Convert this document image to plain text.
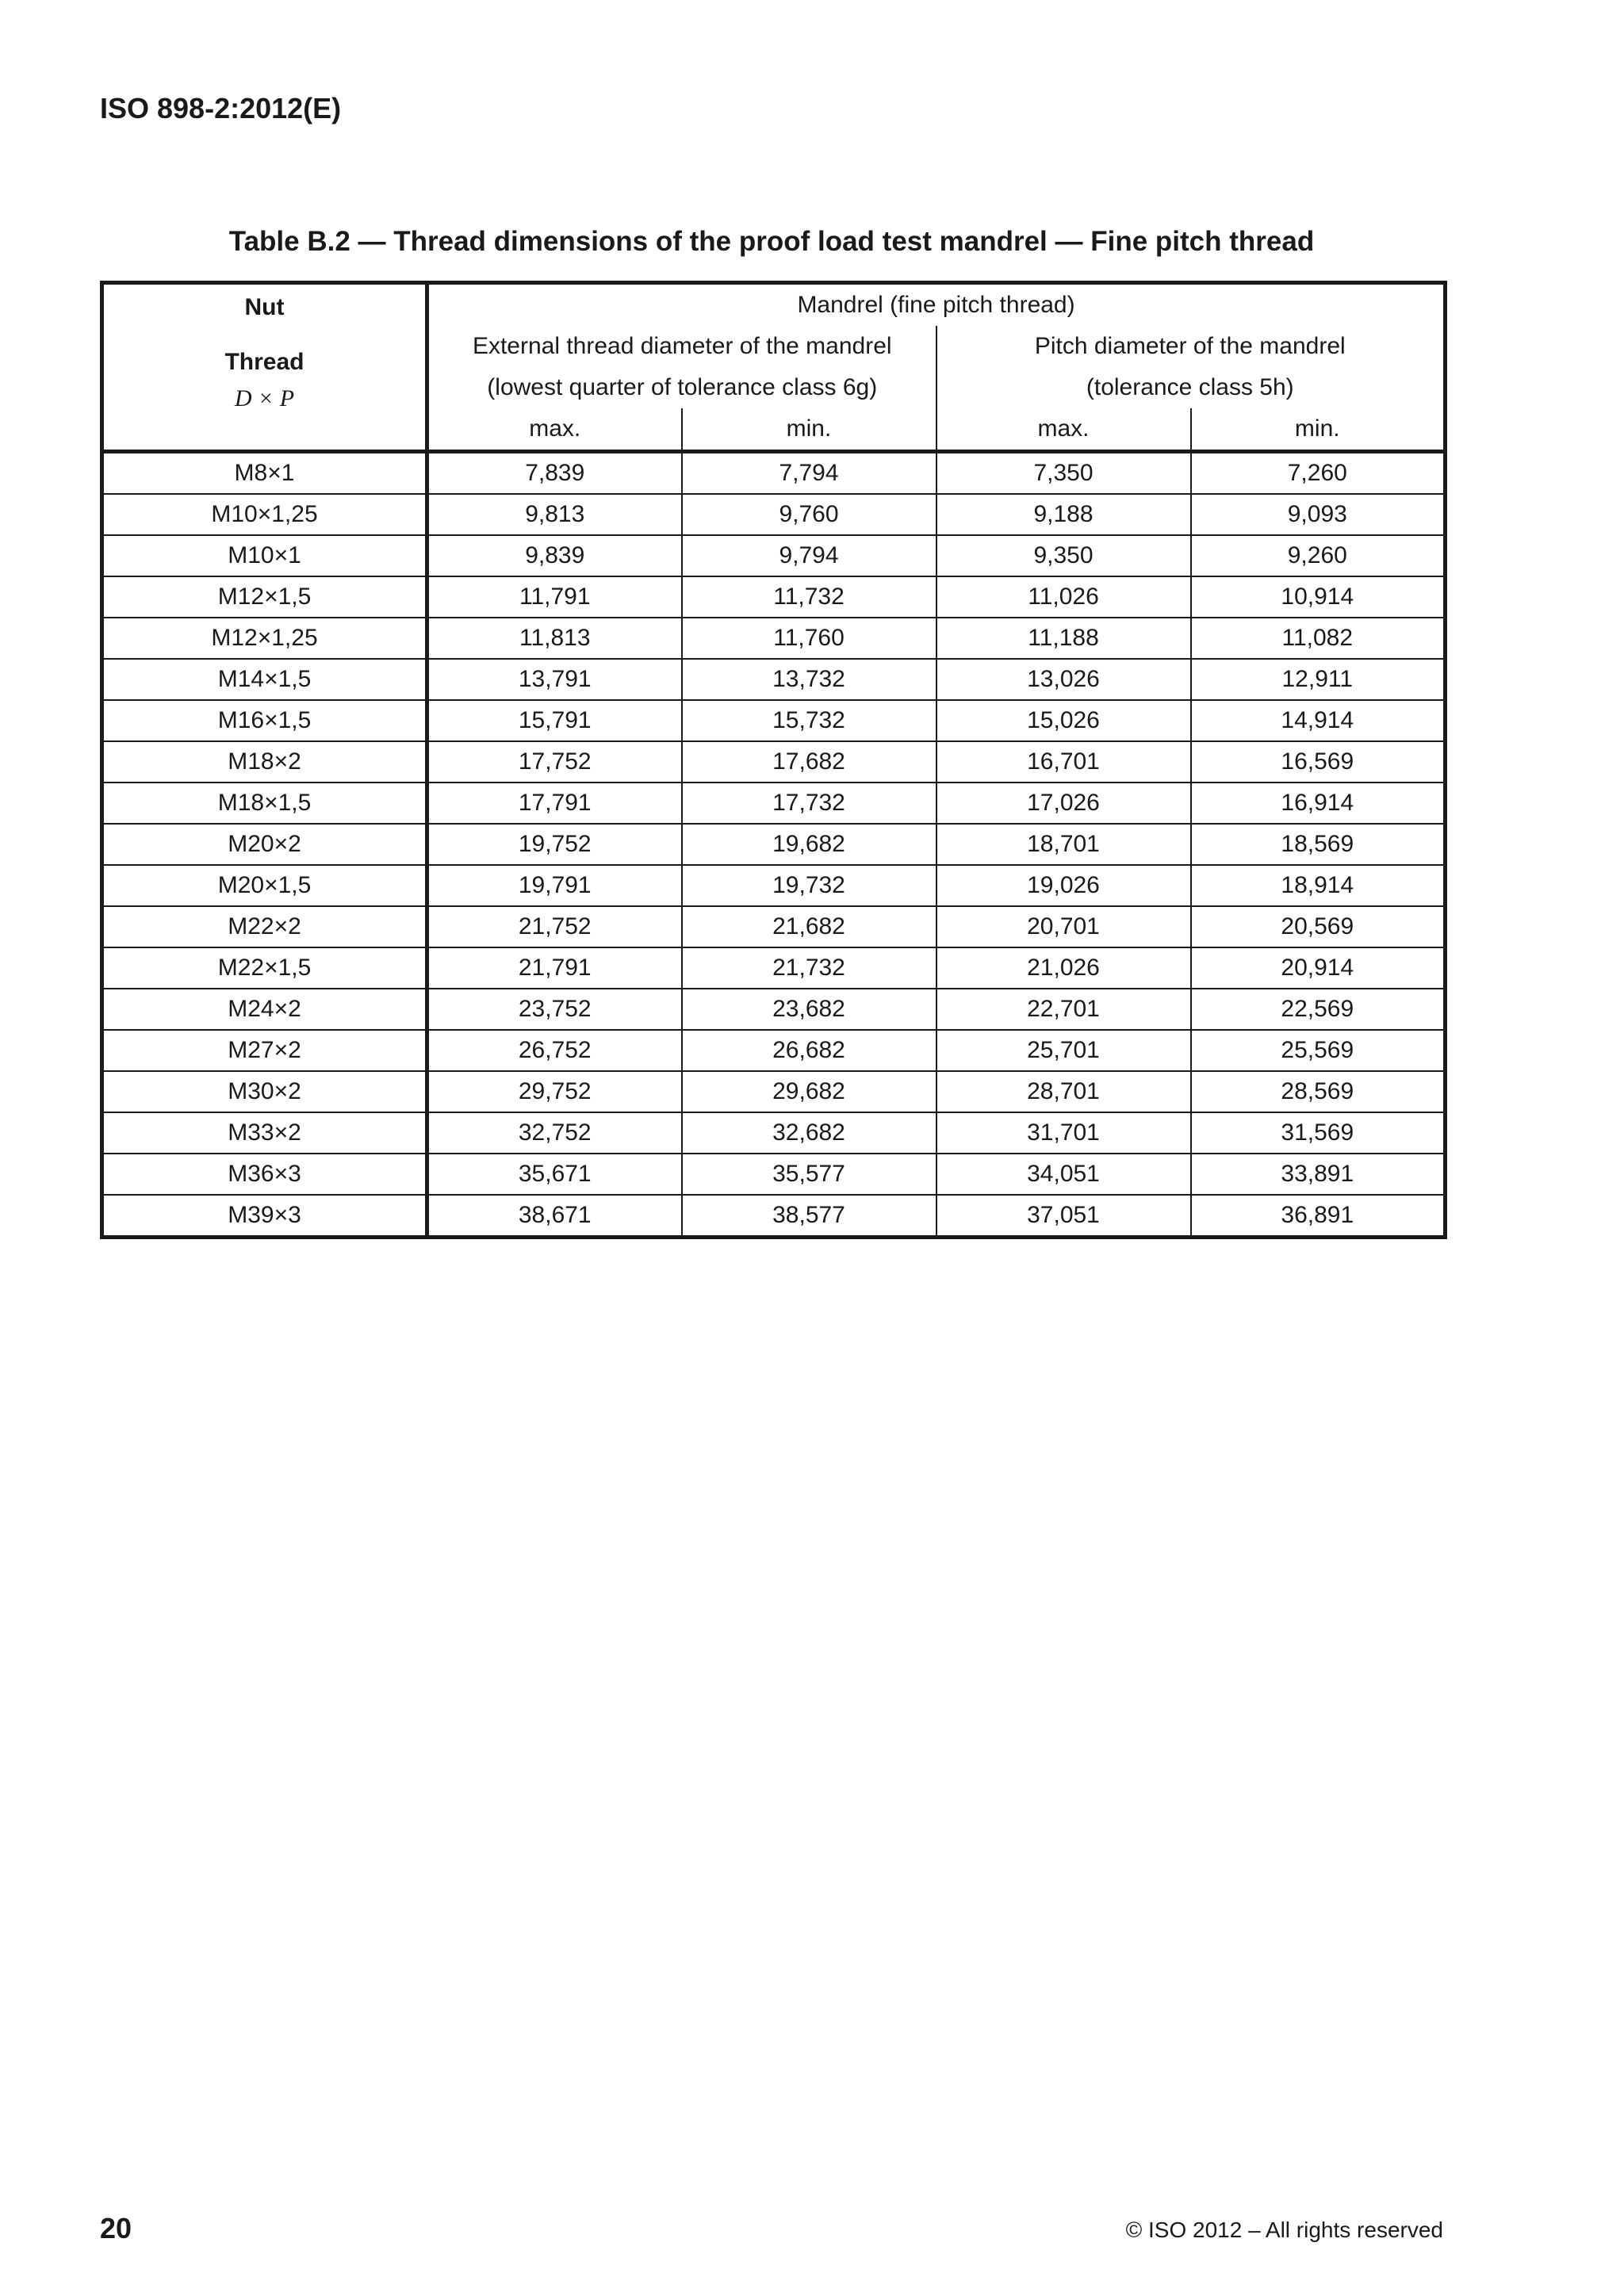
ISO 898-2:2012(E)
Table B.2 — Thread dimensions of the proof load test mandrel — Fine pitch thread
Nut
Thread
D × P	Mandrel (fine pitch thread)			
	External thread diameter of the mandrel		Pitch diameter of the mandrel	
	(lowest quarter of tolerance class 6g)		(tolerance class 5h)	
	max.	min.	max.	min.
M8×1	7,839	7,794	7,350	7,260
M10×1,25	9,813	9,760	9,188	9,093
M10×1	9,839	9,794	9,350	9,260
M12×1,5	11,791	11,732	11,026	10,914
M12×1,25	11,813	11,760	11,188	11,082
M14×1,5	13,791	13,732	13,026	12,911
M16×1,5	15,791	15,732	15,026	14,914
M18×2	17,752	17,682	16,701	16,569
M18×1,5	17,791	17,732	17,026	16,914
M20×2	19,752	19,682	18,701	18,569
M20×1,5	19,791	19,732	19,026	18,914
M22×2	21,752	21,682	20,701	20,569
M22×1,5	21,791	21,732	21,026	20,914
M24×2	23,752	23,682	22,701	22,569
M27×2	26,752	26,682	25,701	25,569
M30×2	29,752	29,682	28,701	28,569
M33×2	32,752	32,682	31,701	31,569
M36×3	35,671	35,577	34,051	33,891
M39×3	38,671	38,577	37,051	36,891
20	© ISO 2012 – All rights reserved
